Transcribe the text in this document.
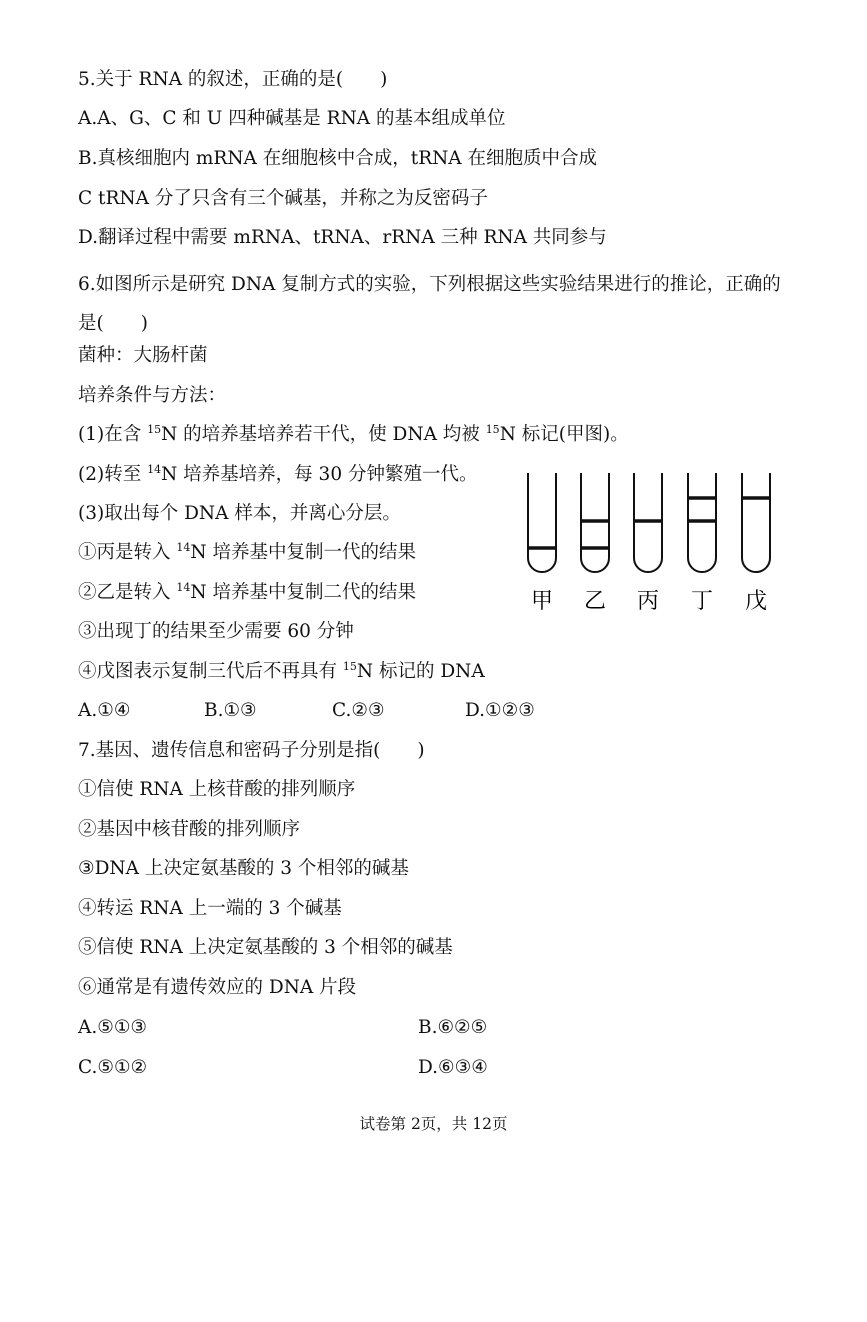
5.关于 RNA 的叙述，正确的是(　　)
A.A、G、C 和 U 四种碱基是 RNA 的基本组成单位
B.真核细胞内 mRNA 在细胞核中合成，tRNA 在细胞质中合成
C tRNA 分了只含有三个碱基，并称之为反密码子
D.翻译过程中需要 mRNA、tRNA、rRNA 三种 RNA 共同参与
6.如图所示是研究 DNA 复制方式的实验，下列根据这些实验结果进行的推论，正确的是(　　)
菌种：大肠杆菌
培养条件与方法：
(1)在含 $^{15}$N 的培养基培养若干代，使 DNA 均被 $^{15}$N 标记(甲图)。
(2)转至 $^{14}$N 培养基培养，每 30 分钟繁殖一代。
(3)取出每个 DNA 样本，并离心分层。
①丙是转入 $^{14}$N 培养基中复制一代的结果
②乙是转入 $^{14}$N 培养基中复制二代的结果
③出现丁的结果至少需要 60 分钟
④戊图表示复制三代后不再具有 $^{15}$N 标记的 DNA
A.①④	B.①③	C.②③	D.①②③
甲 乙 丙 丁 戊
7.基因、遗传信息和密码子分别是指(　　)
①信使 RNA 上核苷酸的排列顺序
②基因中核苷酸的排列顺序
③DNA 上决定氨基酸的 3 个相邻的碱基
④转运 RNA 上一端的 3 个碱基
⑤信使 RNA 上决定氨基酸的 3 个相邻的碱基
⑥通常是有遗传效应的 DNA 片段
A.⑤①③	B.⑥②⑤
C.⑤①②	D.⑥③④
试卷第 2页，共 12页
